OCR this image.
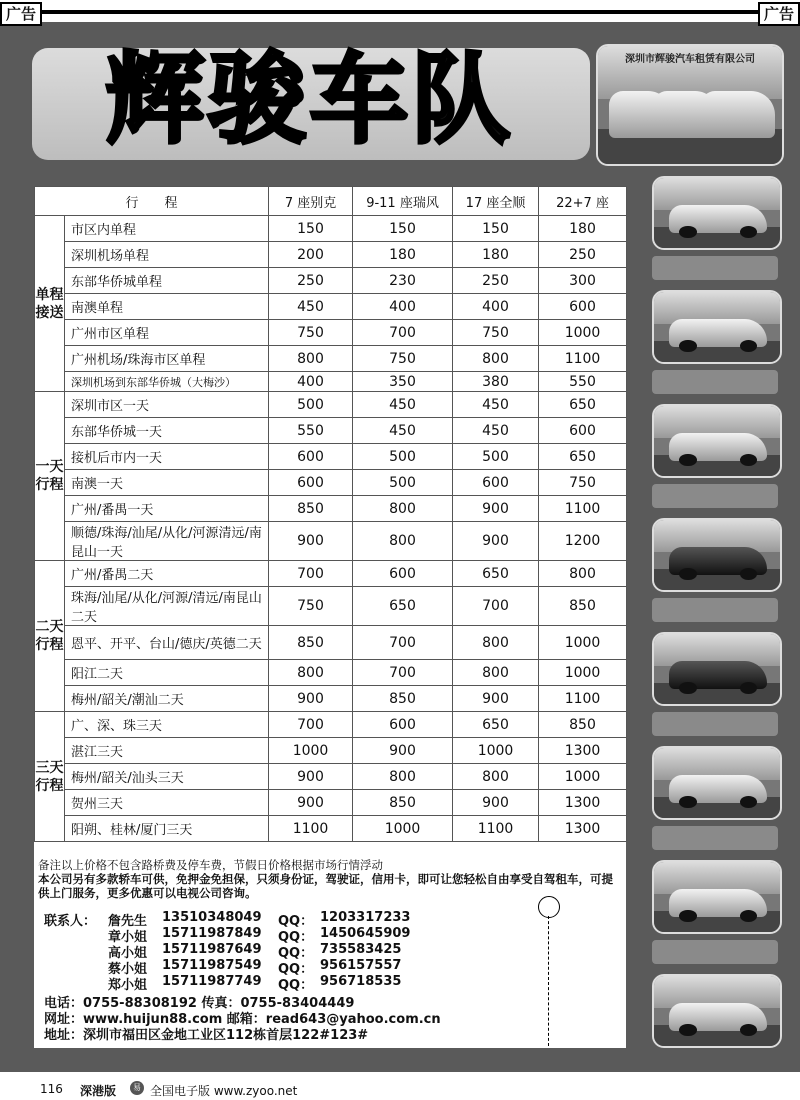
广告	广告
辉骏车队	深圳市辉骏汽车租赁有限公司
行　　程		7 座别克	9-11 座瑞风	17 座全顺	22+7 座
单程接送	市区内单程	150	150	150	180
	深圳机场单程	200	180	180	250
	东部华侨城单程	250	230	250	300
	南澳单程	450	400	400	600
	广州市区单程	750	700	750	1000
	广州机场/珠海市区单程	800	750	800	1100
	深圳机场到东部华侨城（大梅沙）	400	350	380	550
一天行程	深圳市区一天	500	450	450	650
	东部华侨城一天	550	450	450	600
	接机后市内一天	600	500	500	650
	南澳一天	600	500	600	750
	广州/番禺一天	850	800	900	1100
	顺德/珠海/汕尾/从化/河源清远/南昆山一天	900	800	900	1200
二天行程	广州/番禺二天	700	600	650	800
	珠海/汕尾/从化/河源/清远/南昆山二天	750	650	700	850
	恩平、开平、台山/德庆/英德二天	850	700	800	1000
	阳江二天	800	700	800	1000
	梅州/韶关/潮汕二天	900	850	900	1100
三天行程	广、深、珠三天	700	600	650	850
	湛江三天	1000	900	1000	1300
	梅州/韶关/汕头三天	900	800	800	1000
	贺州三天	900	850	900	1300
	阳朔、桂林/厦门三天	1100	1000	1100	1300
备注以上价格不包含路桥费及停车费，节假日价格根据市场行情浮动
本公司另有多款轿车可供，免押金免担保，只须身份证，驾驶证，信用卡，即可让您轻松自由享受自驾租车，可提供上门服务，更多优惠可以电视公司咨询。
联系人： 詹先生 13510348049 QQ： 1203317233
章小姐 15711987849 QQ： 1450645909
高小姐 15711987649 QQ： 735583425
蔡小姐 15711987549 QQ： 956157557
郑小姐 15711987749 QQ： 956718535
电话：0755-88308192 传真：0755-83404449
网址：www.huijun88.com 邮箱：read643@yahoo.com.cn
地址：深圳市福田区金地工业区112栋首层122#123#
116 深港版	易 全国电子版 www.zyoo.net
